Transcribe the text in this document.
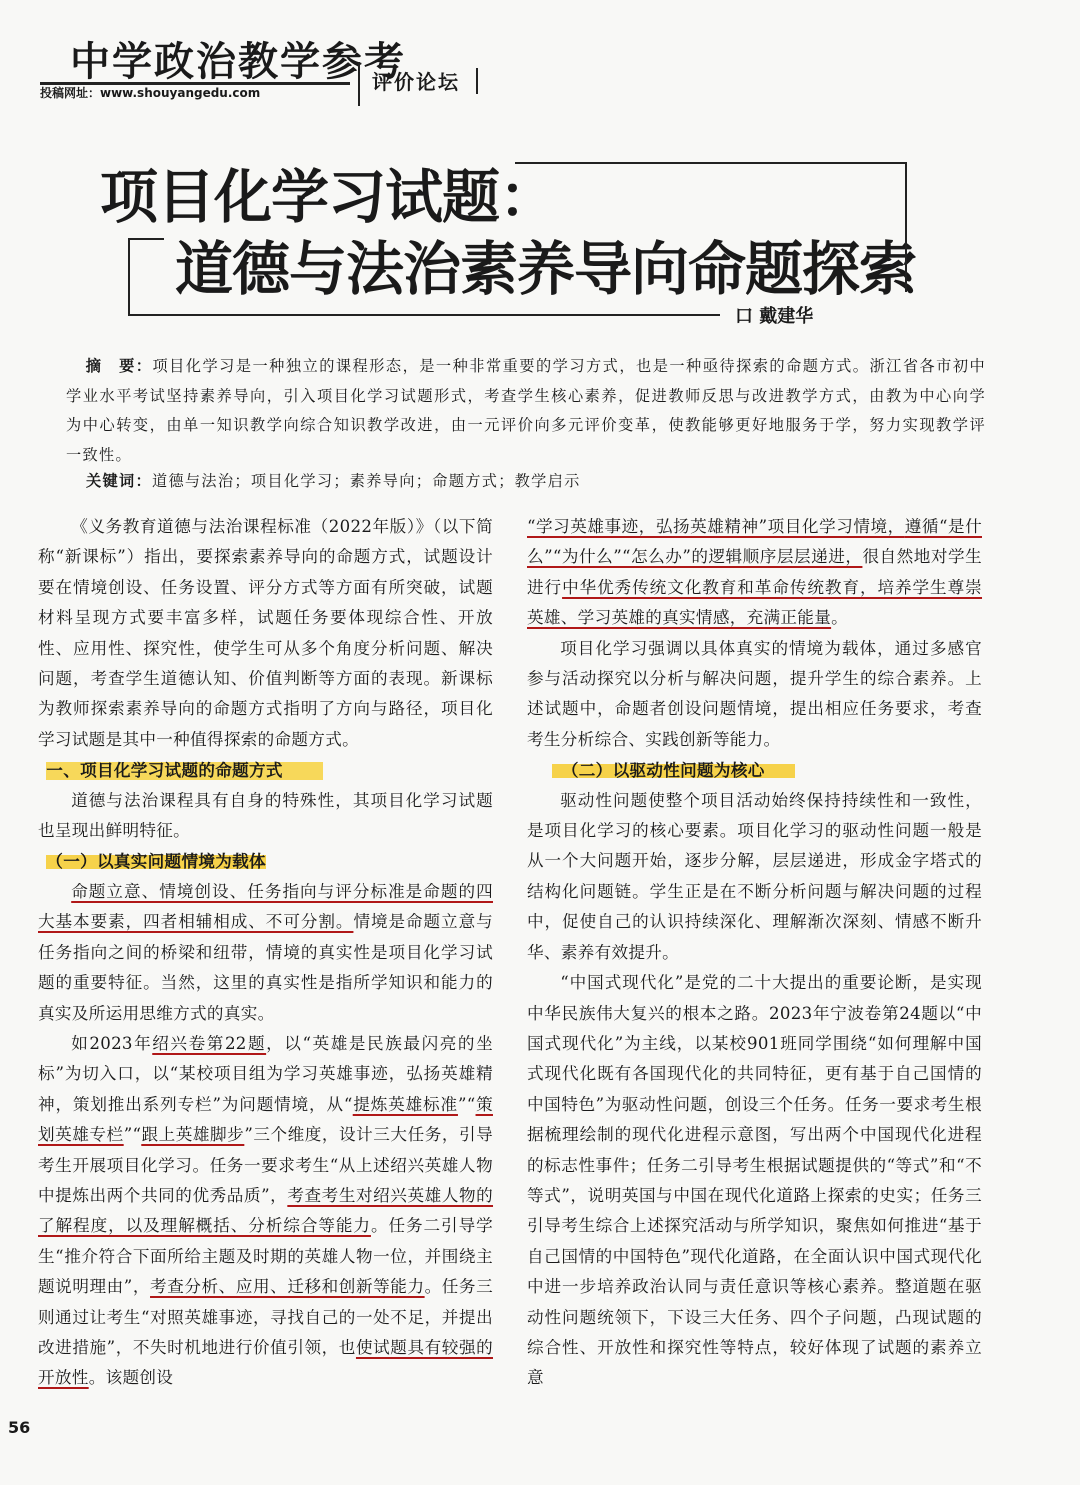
中学政治教学参考
投稿网址：www.shouyangedu.com	评价论坛
项目化学习试题：
道德与法治素养导向命题探索
口 戴建华

摘　要：项目化学习是一种独立的课程形态，是一种非常重要的学习方式，也是一种亟待探索的命题方式。浙江省各市初中学业水平考试坚持素养导向，引入项目化学习试题形式，考查学生核心素养，促进教师反思与改进教学方式，由教为中心向学为中心转变，由单一知识教学向综合知识教学改进，由一元评价向多元评价变革，使教能够更好地服务于学，努力实现教学评一致性。

关键词：道德与法治；项目化学习；素养导向；命题方式；教学启示

《义务教育道德与法治课程标准（2022年版）》（以下简称“新课标”）指出，要探索素养导向的命题方式，试题设计要在情境创设、任务设置、评分方式等方面有所突破，试题材料呈现方式要丰富多样，试题任务要体现综合性、开放性、应用性、探究性，使学生可从多个角度分析问题、解决问题，考查学生道德认知、价值判断等方面的表现。新课标为教师探索素养导向的命题方式指明了方向与路径，项目化学习试题是其中一种值得探索的命题方式。

一、项目化学习试题的命题方式

道德与法治课程具有自身的特殊性，其项目化学习试题也呈现出鲜明特征。

（一）以真实问题情境为载体

命题立意、情境创设、任务指向与评分标准是命题的四大基本要素，四者相辅相成、不可分割。情境是命题立意与任务指向之间的桥梁和纽带，情境的真实性是项目化学习试题的重要特征。当然，这里的真实性是指所学知识和能力的真实及所运用思维方式的真实。

如2023年绍兴卷第22题，以“英雄是民族最闪亮的坐标”为切入口，以“某校项目组为学习英雄事迹，弘扬英雄精神，策划推出系列专栏”为问题情境，从“提炼英雄标准”“策划英雄专栏”“跟上英雄脚步”三个维度，设计三大任务，引导考生开展项目化学习。任务一要求考生“从上述绍兴英雄人物中提炼出两个共同的优秀品质”，考查考生对绍兴英雄人物的了解程度，以及理解概括、分析综合等能力。任务二引导学生“推介符合下面所给主题及时期的英雄人物一位，并围绕主题说明理由”，考查分析、应用、迁移和创新等能力。任务三则通过让考生“对照英雄事迹，寻找自己的一处不足，并提出改进措施”，不失时机地进行价值引领，也使试题具有较强的开放性。该题创设

“学习英雄事迹，弘扬英雄精神”项目化学习情境，遵循“是什么”“为什么”“怎么办”的逻辑顺序层层递进，很自然地对学生进行中华优秀传统文化教育和革命传统教育，培养学生尊崇英雄、学习英雄的真实情感，充满正能量。

项目化学习强调以具体真实的情境为载体，通过多感官参与活动探究以分析与解决问题，提升学生的综合素养。上述试题中，命题者创设问题情境，提出相应任务要求，考查考生分析综合、实践创新等能力。

（二）以驱动性问题为核心

驱动性问题使整个项目活动始终保持持续性和一致性，是项目化学习的核心要素。项目化学习的驱动性问题一般是从一个大问题开始，逐步分解，层层递进，形成金字塔式的结构化问题链。学生正是在不断分析问题与解决问题的过程中，促使自己的认识持续深化、理解渐次深刻、情感不断升华、素养有效提升。

“中国式现代化”是党的二十大提出的重要论断，是实现中华民族伟大复兴的根本之路。2023年宁波卷第24题以“中国式现代化”为主线，以某校901班同学围绕“如何理解中国式现代化既有各国现代化的共同特征，更有基于自己国情的中国特色”为驱动性问题，创设三个任务。任务一要求考生根据梳理绘制的现代化进程示意图，写出两个中国现代化进程的标志性事件；任务二引导考生根据试题提供的“等式”和“不等式”，说明英国与中国在现代化道路上探索的史实；任务三引导考生综合上述探究活动与所学知识，聚焦如何推进“基于自己国情的中国特色”现代化道路，在全面认识中国式现代化中进一步培养政治认同与责任意识等核心素养。整道题在驱动性问题统领下，下设三大任务、四个子问题，凸现试题的综合性、开放性和探究性等特点，较好体现了试题的素养立意

56
